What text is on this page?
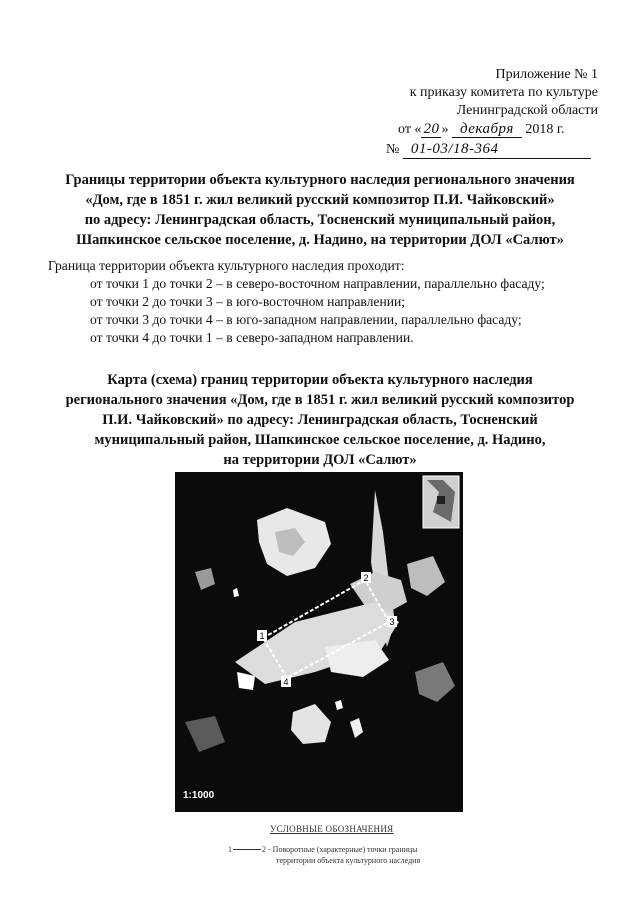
Приложение № 1
к приказу комитета по культуре
Ленинградской области
от « 20 » декабря 2018 г.
№ 01-03/18-364
Границы территории объекта культурного наследия регионального значения
«Дом, где в 1851 г. жил великий русский композитор П.И. Чайковский»
по адресу: Ленинградская область, Тосненский муниципальный район,
Шапкинское сельское поселение, д. Надино, на территории ДОЛ «Салют»
Граница территории объекта культурного наследия проходит:
от точки 1 до точки 2 – в северо-восточном направлении, параллельно фасаду;
от точки 2 до точки 3 – в юго-восточном направлении;
от точки 3 до точки 4 – в юго-западном направлении, параллельно фасаду;
от точки 4 до точки 1 – в северо-западном направлении.
Карта (схема) границ территории объекта культурного наследия
регионального значения «Дом, где в 1851 г. жил великий русский композитор
П.И. Чайковский» по адресу: Ленинградская область, Тосненский
муниципальный район, Шапкинское сельское поселение, д. Надино,
на территории ДОЛ «Салют»
1
2
3
4
1:1000
УСЛОВНЫЕ ОБОЗНАЧЕНИЯ
1	2 - Поворотные (характерные) точки границы
территории объекта культурного наследия
